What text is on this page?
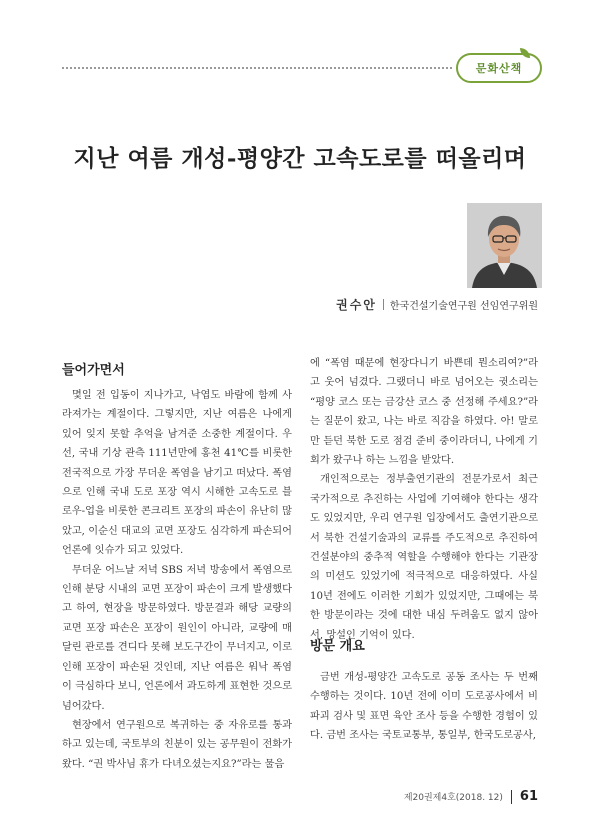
문화산책
지난 여름 개성-평양간 고속도로를 떠올리며
권수안 한국건설기술연구원 선임연구위원
들어가면서

몇일 전 입동이 지나가고, 낙엽도 바람에 함께 사라져가는 계절이다. 그렇지만, 지난 여름은 나에게 있어 잊지 못할 추억을 남겨준 소중한 계절이다. 우선, 국내 기상 관측 111년만에 홍천 41℃를 비롯한 전국적으로 가장 무더운 폭염을 남기고 떠났다. 폭염으로 인해 국내 도로 포장 역시 시해한 고속도로 블로우-업을 비롯한 콘크리트 포장의 파손이 유난히 많았고, 이순신 대교의 교면 포장도 심각하게 파손되어 언론에 잇슈가 되고 있었다.

무더운 어느날 저녁 SBS 저녁 방송에서 폭염으로 인해 분당 시내의 교면 포장이 파손이 크게 발생했다고 하여, 현장을 방문하였다. 방문결과 해당 교량의 교면 포장 파손은 포장이 원인이 아니라, 교량에 매달린 관로를 견디다 못해 보도구간이 무너지고, 이로 인해 포장이 파손된 것인데, 지난 여름은 워낙 폭염이 극심하다 보니, 언론에서 과도하게 표현한 것으로 넘어갔다.

현장에서 연구원으로 복귀하는 중 자유로를 통과하고 있는데, 국토부의 친분이 있는 공무원이 전화가 왔다. “권 박사님 휴가 다녀오셨는지요?”라는 물음

에 “폭염 때문에 현장다니기 바쁜데 뭔소리여?”라고 웃어 넘겼다. 그랬더니 바로 넘어오는 귓소리는 “평양 코스 또는 금강산 코스 중 선정해 주세요?”라는 질문이 왔고, 나는 바로 직감을 하였다. 아! 말로만 듣던 북한 도로 점검 준비 중이라더니, 나에게 기회가 왔구나 하는 느낌을 받았다.

개인적으로는 정부출연기관의 전문가로서 최근 국가적으로 추진하는 사업에 기여해야 한다는 생각도 있었지만, 우리 연구원 입장에서도 출연기관으로서 북한 건설기술과의 교류를 주도적으로 추진하여 건설분야의 중추적 역할을 수행해야 한다는 기관장의 미션도 있었기에 적극적으로 대응하였다. 사실 10년 전에도 이러한 기회가 있었지만, 그때에는 북한 방문이라는 것에 대한 내심 두려움도 없지 않아서, 망설인 기억이 있다.

방문 개요

금번 개성-평양간 고속도로 공동 조사는 두 번째 수행하는 것이다. 10년 전에 이미 도로공사에서 비파괴 검사 및 표면 육안 조사 등을 수행한 경험이 있다. 금번 조사는 국토교통부, 통일부, 한국도로공사,

제20권제4호(2018. 12) 61
